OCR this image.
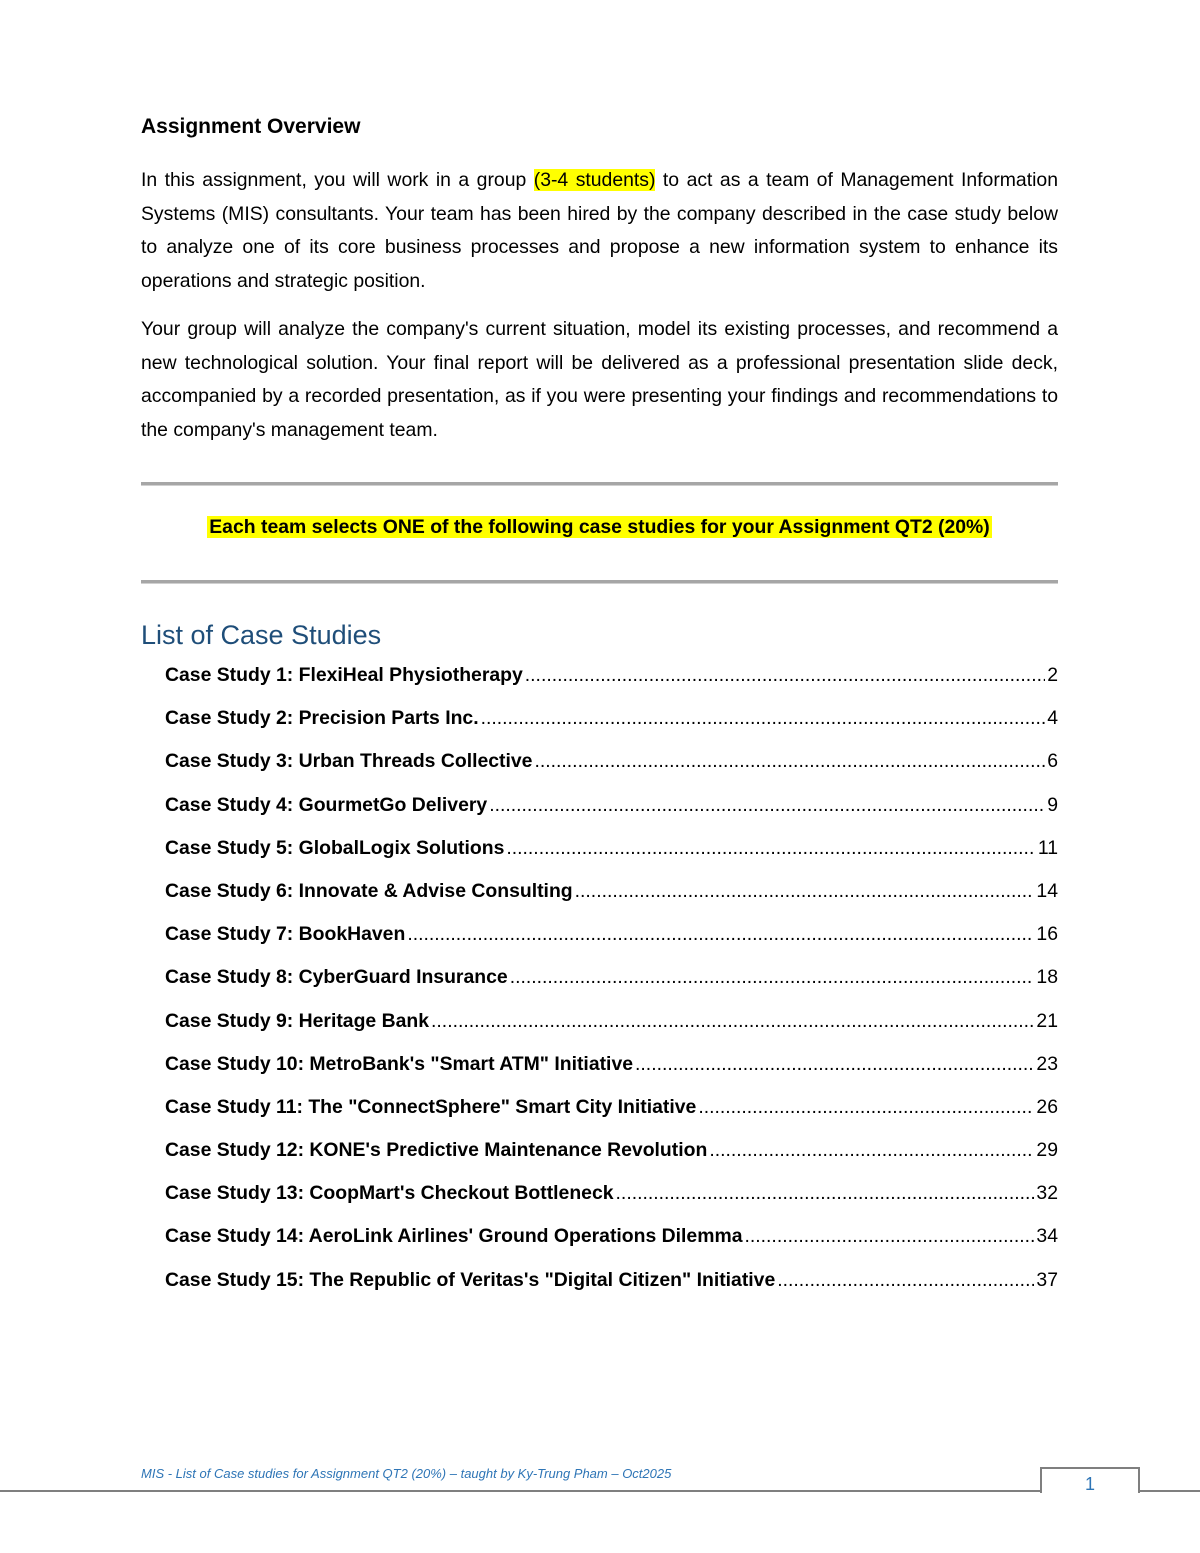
Assignment Overview

In this assignment, you will work in a group (3-4 students) to act as a team of Management Information Systems (MIS) consultants. Your team has been hired by the company described in the case study below to analyze one of its core business processes and propose a new information system to enhance its operations and strategic position.

Your group will analyze the company's current situation, model its existing processes, and recommend a new technological solution. Your final report will be delivered as a professional presentation slide deck, accompanied by a recorded presentation, as if you were presenting your findings and recommendations to the company's management team.

Each team selects ONE of the following case studies for your Assignment QT2 (20%)

List of Case Studies
Case Study 1: FlexiHeal Physiotherapy .....	2
Case Study 2: Precision Parts Inc. .....	4
Case Study 3: Urban Threads Collective .....	6
Case Study 4: GourmetGo Delivery .....	9
Case Study 5: GlobalLogix Solutions .....	11
Case Study 6: Innovate & Advise Consulting .....	14
Case Study 7: BookHaven .....	16
Case Study 8: CyberGuard Insurance .....	18
Case Study 9: Heritage Bank .....	21
Case Study 10: MetroBank's "Smart ATM" Initiative .....	23
Case Study 11: The "ConnectSphere" Smart City Initiative .....	26
Case Study 12: KONE's Predictive Maintenance Revolution .....	29
Case Study 13: CoopMart's Checkout Bottleneck .....	32
Case Study 14: AeroLink Airlines' Ground Operations Dilemma .....	34
Case Study 15: The Republic of Veritas's "Digital Citizen" Initiative .....	37

MIS - List of Case studies for Assignment QT2 (20%) – taught by Ky-Trung Pham – Oct2025

1
